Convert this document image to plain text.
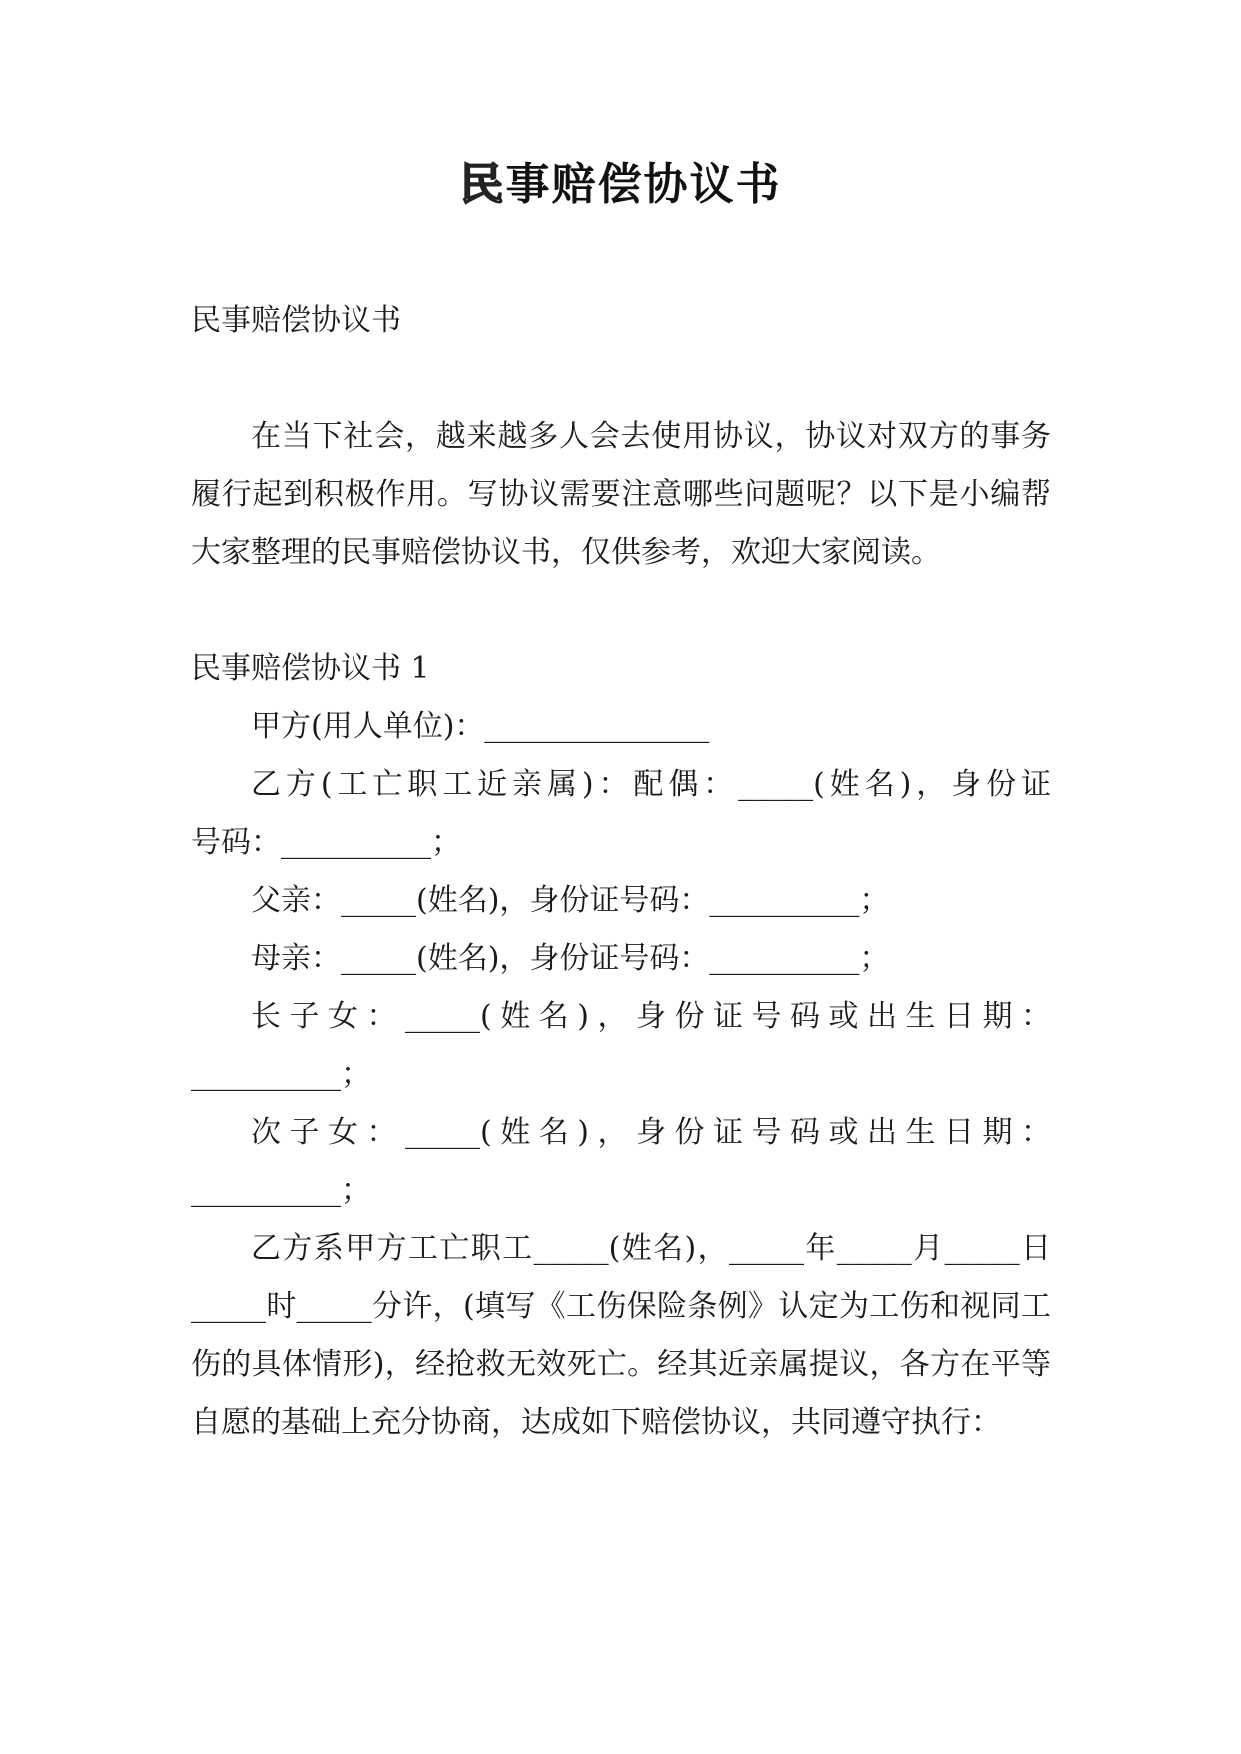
民事赔偿协议书

民事赔偿协议书

在当下社会，越来越多人会去使用协议，协议对双方的事务履行起到积极作用。写协议需要注意哪些问题呢？以下是小编帮大家整理的民事赔偿协议书，仅供参考，欢迎大家阅读。

民事赔偿协议书 1

甲方(用人单位)：_______________

乙方(工亡职工近亲属)：配偶：_____(姓名)，身份证

号码：__________；

父亲：_____(姓名)，身份证号码：__________；

母亲：_____(姓名)，身份证号码：__________；

长子女：_____(姓名)，身份证号码或出生日期：

__________；

次子女：_____(姓名)，身份证号码或出生日期：

__________；

乙方系甲方工亡职工_____(姓名)，_____年_____月_____日_____时_____分许，(填写《工伤保险条例》认定为工伤和视同工伤的具体情形)，经抢救无效死亡。经其近亲属提议，各方在平等自愿的基础上充分协商，达成如下赔偿协议，共同遵守执行：
